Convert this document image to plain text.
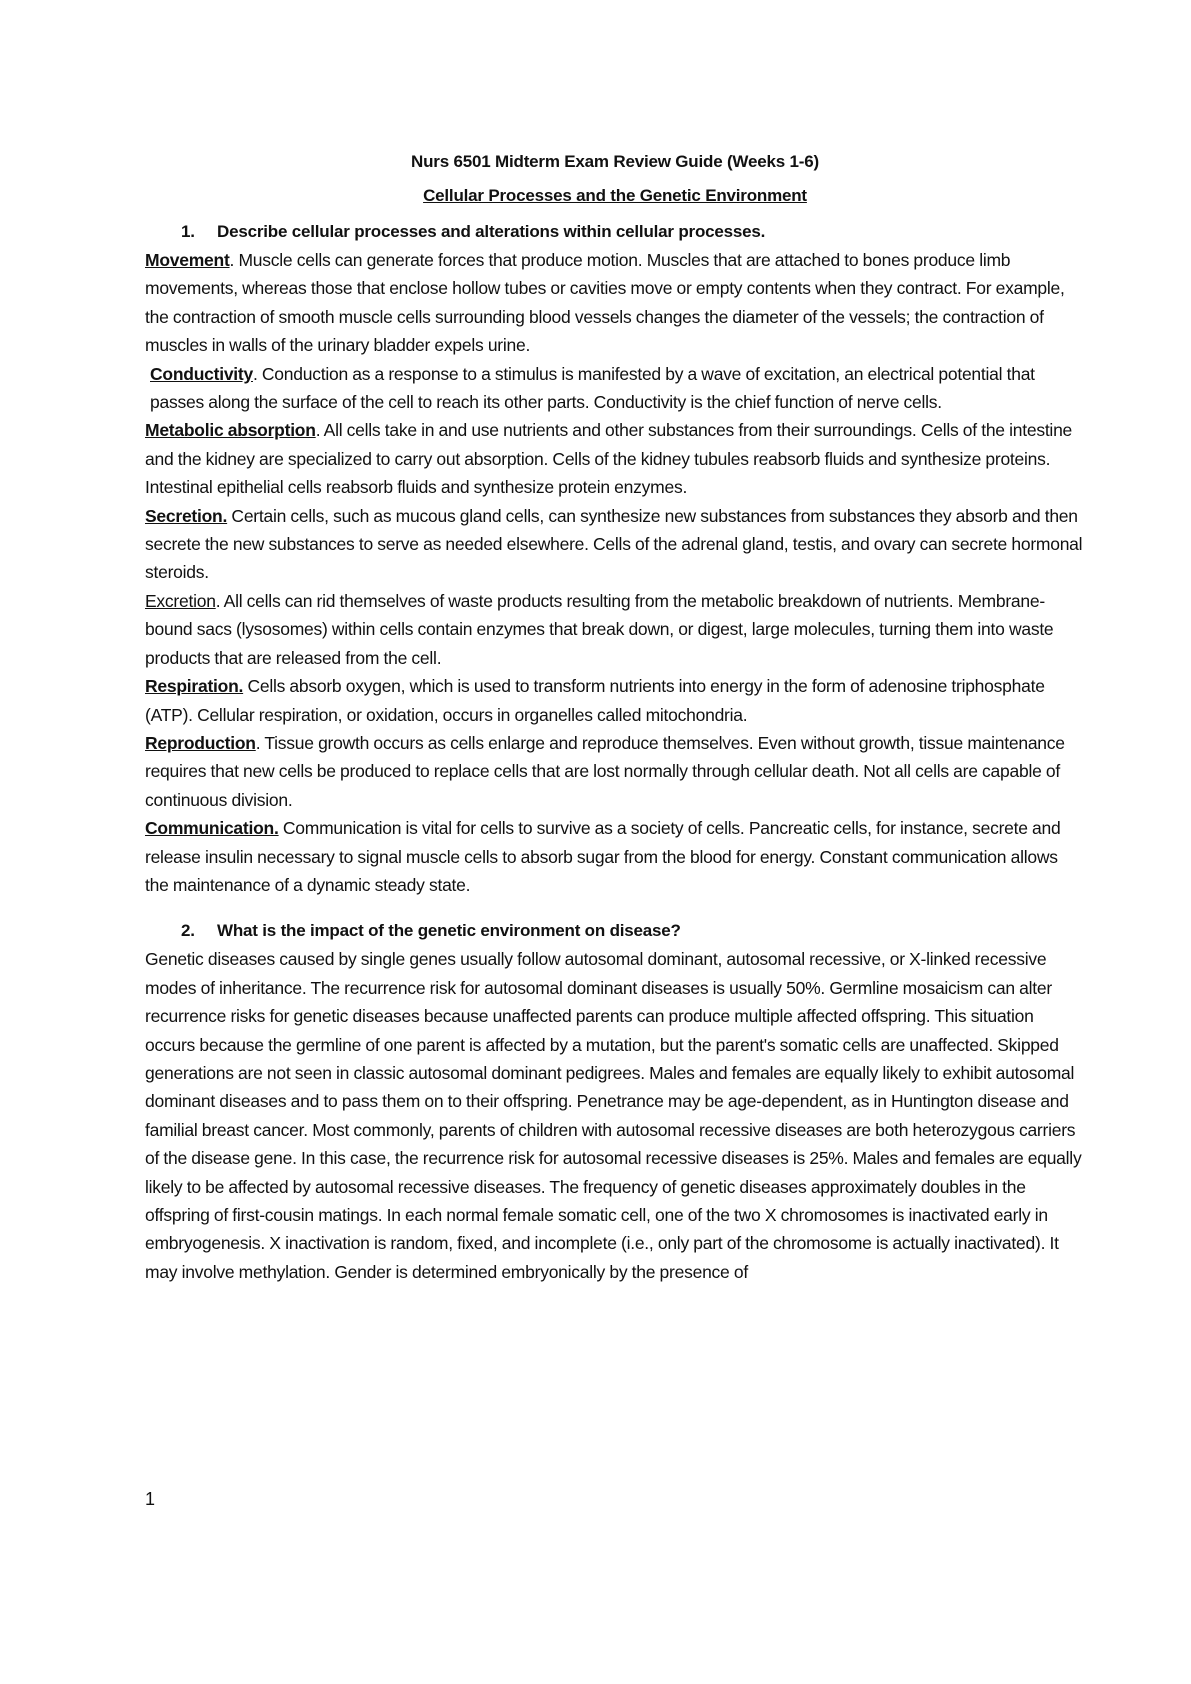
Nurs 6501 Midterm Exam Review Guide (Weeks 1-6)
Cellular Processes and the Genetic Environment
1. Describe cellular processes and alterations within cellular processes.

Movement. Muscle cells can generate forces that produce motion. Muscles that are attached to bones produce limb movements, whereas those that enclose hollow tubes or cavities move or empty contents when they contract. For example, the contraction of smooth muscle cells surrounding blood vessels changes the diameter of the vessels; the contraction of muscles in walls of the urinary bladder expels urine.

Conductivity. Conduction as a response to a stimulus is manifested by a wave of excitation, an electrical potential that passes along the surface of the cell to reach its other parts. Conductivity is the chief function of nerve cells.

Metabolic absorption. All cells take in and use nutrients and other substances from their surroundings. Cells of the intestine and the kidney are specialized to carry out absorption. Cells of the kidney tubules reabsorb fluids and synthesize proteins. Intestinal epithelial cells reabsorb fluids and synthesize protein enzymes.

Secretion. Certain cells, such as mucous gland cells, can synthesize new substances from substances they absorb and then secrete the new substances to serve as needed elsewhere. Cells of the adrenal gland, testis, and ovary can secrete hormonal steroids.

Excretion. All cells can rid themselves of waste products resulting from the metabolic breakdown of nutrients. Membrane-bound sacs (lysosomes) within cells contain enzymes that break down, or digest, large molecules, turning them into waste products that are released from the cell.

Respiration. Cells absorb oxygen, which is used to transform nutrients into energy in the form of adenosine triphosphate (ATP). Cellular respiration, or oxidation, occurs in organelles called mitochondria.

Reproduction. Tissue growth occurs as cells enlarge and reproduce themselves. Even without growth, tissue maintenance requires that new cells be produced to replace cells that are lost normally through cellular death. Not all cells are capable of continuous division.

Communication. Communication is vital for cells to survive as a society of cells. Pancreatic cells, for instance, secrete and release insulin necessary to signal muscle cells to absorb sugar from the blood for energy. Constant communication allows the maintenance of a dynamic steady state.

2. What is the impact of the genetic environment on disease?

Genetic diseases caused by single genes usually follow autosomal dominant, autosomal recessive, or X-linked recessive modes of inheritance. The recurrence risk for autosomal dominant diseases is usually 50%. Germline mosaicism can alter recurrence risks for genetic diseases because unaffected parents can produce multiple affected offspring. This situation occurs because the germline of one parent is affected by a mutation, but the parent's somatic cells are unaffected. Skipped generations are not seen in classic autosomal dominant pedigrees. Males and females are equally likely to exhibit autosomal dominant diseases and to pass them on to their offspring. Penetrance may be age-dependent, as in Huntington disease and familial breast cancer. Most commonly, parents of children with autosomal recessive diseases are both heterozygous carriers of the disease gene. In this case, the recurrence risk for autosomal recessive diseases is 25%. Males and females are equally likely to be affected by autosomal recessive diseases. The frequency of genetic diseases approximately doubles in the offspring of first-cousin matings. In each normal female somatic cell, one of the two X chromosomes is inactivated early in embryogenesis. X inactivation is random, fixed, and incomplete (i.e., only part of the chromosome is actually inactivated). It may involve methylation. Gender is determined embryonically by the presence of

1
